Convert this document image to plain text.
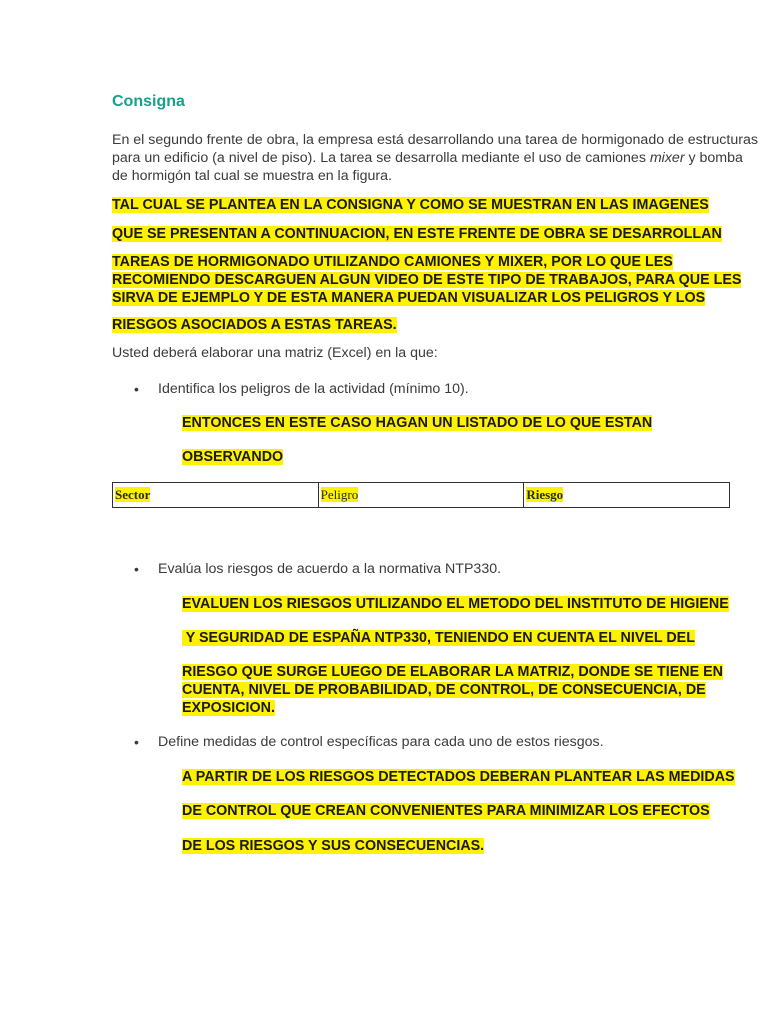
Consigna
En el segundo frente de obra, la empresa está desarrollando una tarea de hormigonado de estructuras para un edificio (a nivel de piso). La tarea se desarrolla mediante el uso de camiones mixer y bomba de hormigón tal cual se muestra en la figura.
TAL CUAL SE PLANTEA EN LA CONSIGNA Y COMO SE MUESTRAN EN LAS IMAGENES
QUE SE PRESENTAN A CONTINUACION, EN ESTE FRENTE DE OBRA SE DESARROLLAN
TAREAS DE HORMIGONADO UTILIZANDO CAMIONES Y MIXER, POR LO QUE LES RECOMIENDO DESCARGUEN ALGUN VIDEO DE ESTE TIPO DE TRABAJOS, PARA QUE LES SIRVA DE EJEMPLO Y DE ESTA MANERA PUEDAN VISUALIZAR LOS PELIGROS Y LOS
RIESGOS ASOCIADOS A ESTAS TAREAS.
Usted deberá elaborar una matriz (Excel) en la que:
• Identifica los peligros de la actividad (mínimo 10).
ENTONCES EN ESTE CASO HAGAN UN LISTADO DE LO QUE ESTAN
OBSERVANDO
Sector	Peligro	Riesgo
• Evalúa los riesgos de acuerdo a la normativa NTP330.
EVALUEN LOS RIESGOS UTILIZANDO EL METODO DEL INSTITUTO DE HIGIENE
Y SEGURIDAD DE ESPAÑA NTP330, TENIENDO EN CUENTA EL NIVEL DEL
RIESGO QUE SURGE LUEGO DE ELABORAR LA MATRIZ, DONDE SE TIENE EN CUENTA, NIVEL DE PROBABILIDAD, DE CONTROL, DE CONSECUENCIA, DE EXPOSICION.
• Define medidas de control específicas para cada uno de estos riesgos.
A PARTIR DE LOS RIESGOS DETECTADOS DEBERAN PLANTEAR LAS MEDIDAS
DE CONTROL QUE CREAN CONVENIENTES PARA MINIMIZAR LOS EFECTOS
DE LOS RIESGOS Y SUS CONSECUENCIAS.
